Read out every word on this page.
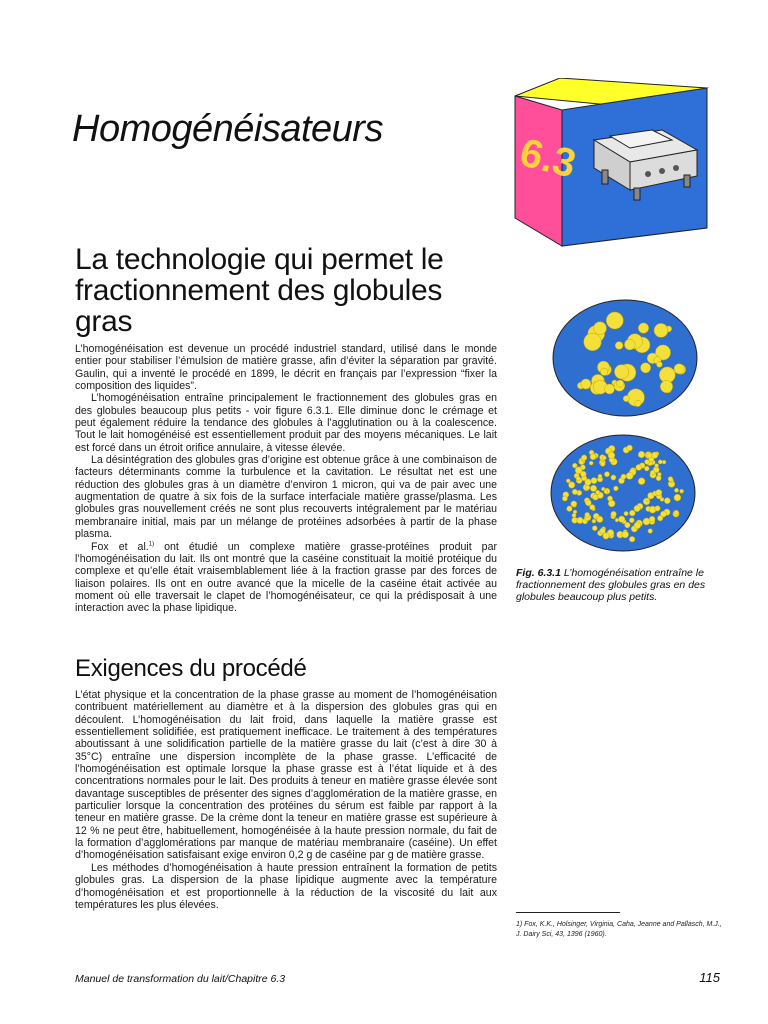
6.3
Homogénéisateurs
La technologie qui permet le fractionnement des globules gras

L’homogénéisation est devenue un procédé industriel standard, utilisé dans le monde entier pour stabiliser l’émulsion de matière grasse, afin d’éviter la séparation par gravité. Gaulin, qui a inventé le procédé en 1899, le décrit en français par l’expression “fixer la composition des liquides”.

L’homogénéisation entraîne principalement le fractionnement des globules gras en des globules beaucoup plus petits - voir figure 6.3.1. Elle diminue donc le crémage et peut également réduire la tendance des globules à l’agglutination ou à la coalescence. Tout le lait homogénéisé est essentiellement produit par des moyens mécaniques. Le lait est forcé dans un étroit orifice annulaire, à vitesse élevée.

La désintégration des globules gras d’origine est obtenue grâce à une combinaison de facteurs déterminants comme la turbulence et la cavitation. Le résultat net est une réduction des globules gras à un diamètre d’environ 1 micron, qui va de pair avec une augmentation de quatre à six fois de la surface interfaciale matière grasse/plasma. Les globules gras nouvellement créés ne sont plus recouverts intégralement par le matériau membranaire initial, mais par un mélange de protéines adsorbées à partir de la phase plasma.

Fox et al.$^{1)}$ ont étudié un complexe matière grasse-protéines produit par l’homogénéisation du lait. Ils ont montré que la caséine constituait la moitié protéique du complexe et qu’elle était vraisemblablement liée à la fraction grasse par des forces de liaison polaires. Ils ont en outre avancé que la micelle de la caséine était activée au moment où elle traversait le clapet de l’homogénéisateur, ce qui la prédisposait à une interaction avec la phase lipidique.

Exigences du procédé

L’état physique et la concentration de la phase grasse au moment de l’homogénéisation contribuent matériellement au diamètre et à la dispersion des globules gras qui en découlent. L’homogénéisation du lait froid, dans laquelle la matière grasse est essentiellement solidifiée, est pratiquement inefficace. Le traitement à des températures aboutissant à une solidification partielle de la matière grasse du lait (c’est à dire 30 à 35°C) entraîne une dispersion incomplète de la phase grasse. L’efficacité de l’homogénéisation est optimale lorsque la phase grasse est à l’état liquide et à des concentrations normales pour le lait. Des produits à teneur en matière grasse élevée sont davantage susceptibles de présenter des signes d’agglomération de la matière grasse, en particulier lorsque la concentration des protéines du sérum est faible par rapport à la teneur en matière grasse. De la crème dont la teneur en matière grasse est supérieure à 12 % ne peut être, habituellement, homogénéisée à la haute pression normale, du fait de la formation d’agglomérations par manque de matériau membranaire (caséine). Un effet d’homogénéisation satisfaisant exige environ 0,2 g de caséine par g de matière grasse.

Les méthodes d’homogénéisation à haute pression entraînent la formation de petits globules gras. La dispersion de la phase lipidique augmente avec la température d’homogénéisation et est proportionnelle à la réduction de la viscosité du lait aux températures les plus élevées.

Fig. 6.3.1 L’homogénéisation entraîne le fractionnement des globules gras en des globules beaucoup plus petits.
1) Fox, K.K., Holsinger, Virginia, Caha, Jeanne and Pallasch, M.J., J. Dairy Sci, 43, 1396 (1960).
Manuel de transformation du lait/Chapitre 6.3	115
